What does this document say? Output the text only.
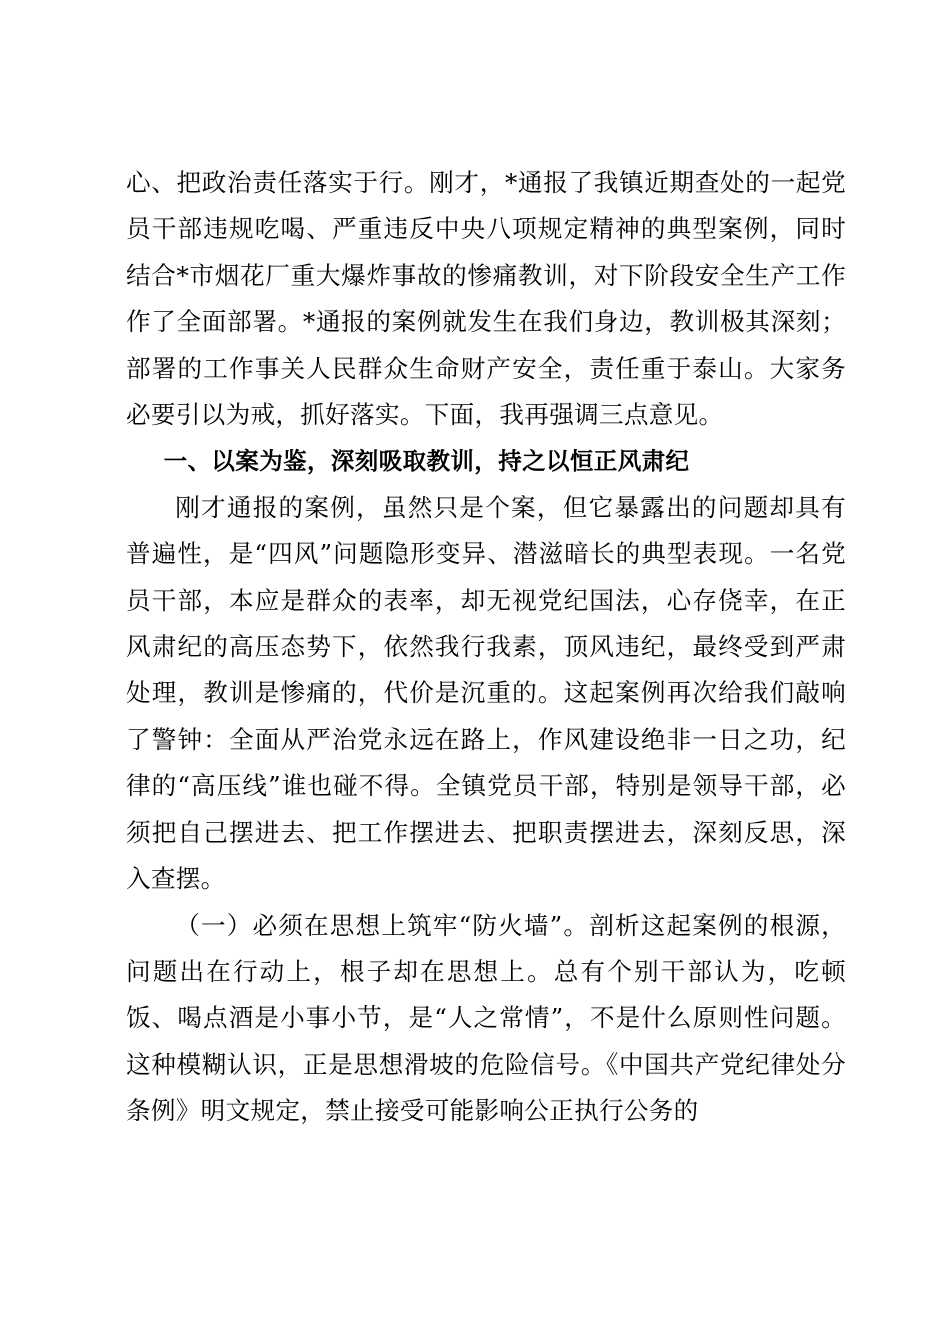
心、把政治责任落实于行。刚才，*通报了我镇近期查处的一起党员干部违规吃喝、严重违反中央八项规定精神的典型案例，同时结合*市烟花厂重大爆炸事故的惨痛教训，对下阶段安全生产工作作了全面部署。*通报的案例就发生在我们身边，教训极其深刻；部署的工作事关人民群众生命财产安全，责任重于泰山。大家务必要引以为戒，抓好落实。下面，我再强调三点意见。

一、以案为鉴，深刻吸取教训，持之以恒正风肃纪

刚才通报的案例，虽然只是个案，但它暴露出的问题却具有普遍性，是“四风”问题隐形变异、潜滋暗长的典型表现。一名党员干部，本应是群众的表率，却无视党纪国法，心存侥幸，在正风肃纪的高压态势下，依然我行我素，顶风违纪，最终受到严肃处理，教训是惨痛的，代价是沉重的。这起案例再次给我们敲响了警钟：全面从严治党永远在路上，作风建设绝非一日之功，纪律的“高压线”谁也碰不得。全镇党员干部，特别是领导干部，必须把自己摆进去、把工作摆进去、把职责摆进去，深刻反思，深入查摆。

（一）必须在思想上筑牢“防火墙”。剖析这起案例的根源，问题出在行动上，根子却在思想上。总有个别干部认为，吃顿饭、喝点酒是小事小节，是“人之常情”，不是什么原则性问题。这种模糊认识，正是思想滑坡的危险信号。《中国共产党纪律处分条例》明文规定，禁止接受可能影响公正执行公务的
